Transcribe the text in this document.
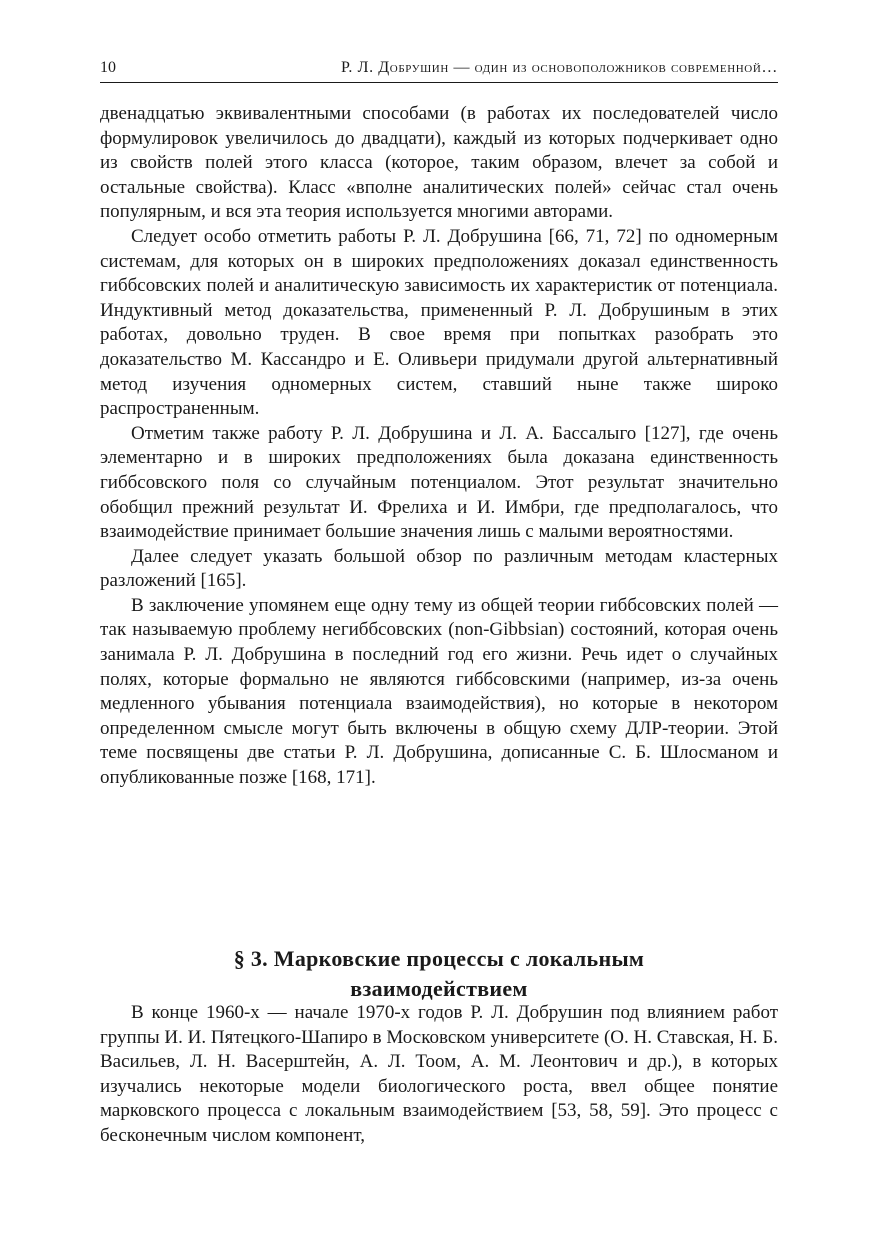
10	Р. Л. Добрушин — один из основоположников современной…

двенадцатью эквивалентными способами (в работах их последователей число формулировок увеличилось до двадцати), каждый из которых подчеркивает одно из свойств полей этого класса (которое, таким образом, влечет за собой и остальные свойства). Класс «вполне аналитических полей» сейчас стал очень популярным, и вся эта теория используется многими авторами.

Следует особо отметить работы Р. Л. Добрушина [66, 71, 72] по одномерным системам, для которых он в широких предположениях доказал единственность гиббсовских полей и аналитическую зависимость их характеристик от потенциала. Индуктивный метод доказательства, примененный Р. Л. Добрушиным в этих работах, довольно труден. В свое время при попытках разобрать это доказательство М. Кассандро и Е. Оливьери придумали другой альтернативный метод изучения одномерных систем, ставший ныне также широко распространенным.

Отметим также работу Р. Л. Добрушина и Л. А. Бассалыго [127], где очень элементарно и в широких предположениях была доказана единственность гиббсовского поля со случайным потенциалом. Этот результат значительно обобщил прежний результат И. Фрелиха и И. Имбри, где предполагалось, что взаимодействие принимает большие значения лишь с малыми вероятностями.

Далее следует указать большой обзор по различным методам кластерных разложений [165].

В заключение упомянем еще одну тему из общей теории гиббсовских полей — так называемую проблему негиббсовских (non-Gibbsian) состояний, которая очень занимала Р. Л. Добрушина в последний год его жизни. Речь идет о случайных полях, которые формально не являются гиббсовскими (например, из-за очень медленного убывания потенциала взаимодействия), но которые в некотором определенном смысле могут быть включены в общую схему ДЛР-теории. Этой теме посвящены две статьи Р. Л. Добрушина, дописанные С. Б. Шлосманом и опубликованные позже [168, 171].

§ 3. Марковские процессы с локальным
взаимодействием

В конце 1960-х — начале 1970-х годов Р. Л. Добрушин под влиянием работ группы И. И. Пятецкого-Шапиро в Московском университете (О. Н. Ставская, Н. Б. Васильев, Л. Н. Васерштейн, А. Л. Тоом, А. М. Леонтович и др.), в которых изучались некоторые модели биологического роста, ввел общее понятие марковского процесса с локальным взаимодействием [53, 58, 59]. Это процесс с бесконечным числом компонент,
